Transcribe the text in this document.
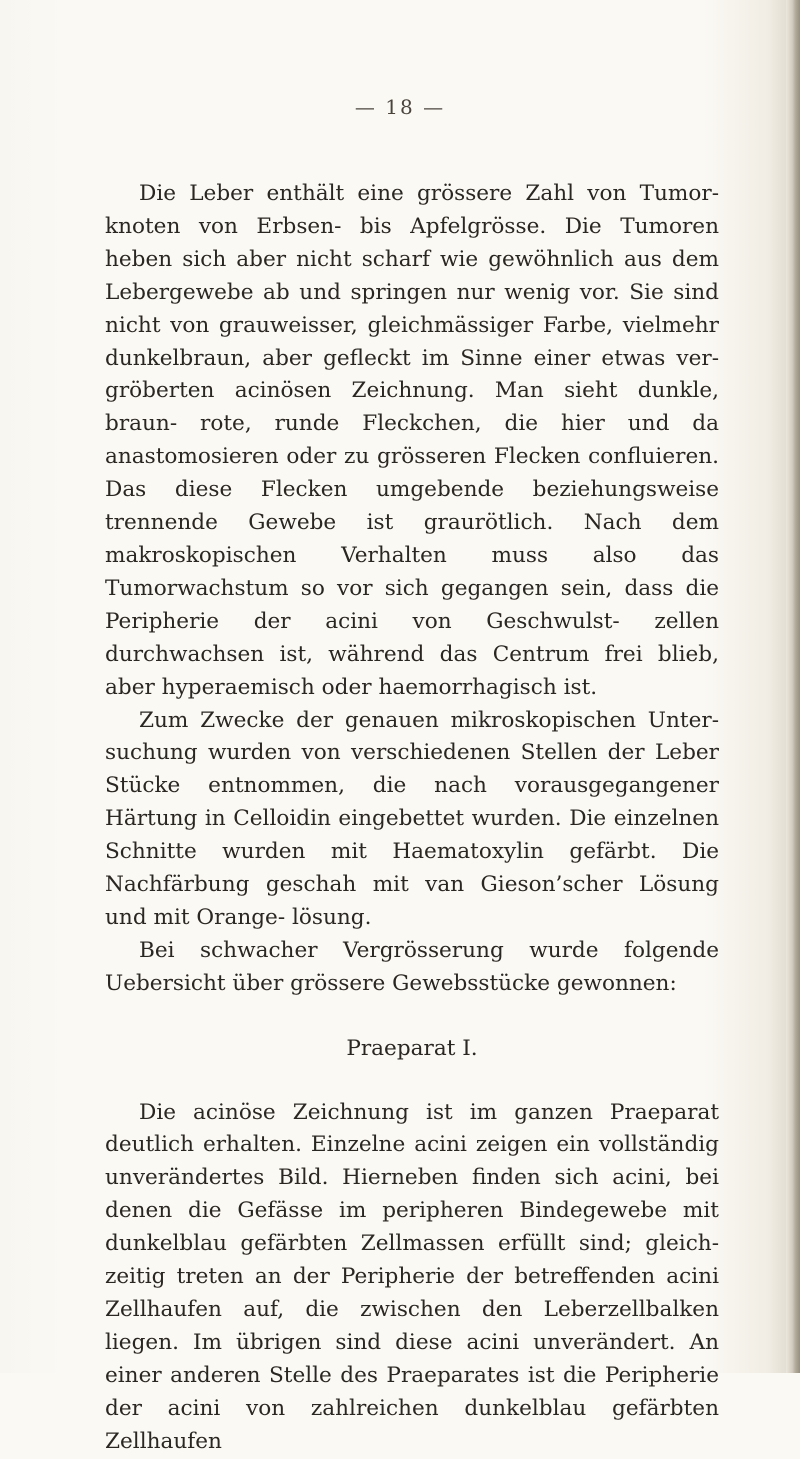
— 18 —

Die Leber enthält eine grössere Zahl von Tumor- knoten von Erbsen- bis Apfelgrösse. Die Tumoren heben sich aber nicht scharf wie gewöhnlich aus dem Lebergewebe ab und springen nur wenig vor. Sie sind nicht von grauweisser, gleichmässiger Farbe, vielmehr dunkelbraun, aber gefleckt im Sinne einer etwas ver- gröberten acinösen Zeichnung. Man sieht dunkle, braun- rote, runde Fleckchen, die hier und da anastomosieren oder zu grösseren Flecken confluieren. Das diese Flecken umgebende beziehungsweise trennende Gewebe ist graurötlich. Nach dem makroskopischen Verhalten muss also das Tumorwachstum so vor sich gegangen sein, dass die Peripherie der acini von Geschwulst- zellen durchwachsen ist, während das Centrum frei blieb, aber hyperaemisch oder haemorrhagisch ist.

Zum Zwecke der genauen mikroskopischen Unter- suchung wurden von verschiedenen Stellen der Leber Stücke entnommen, die nach vorausgegangener Härtung in Celloidin eingebettet wurden. Die einzelnen Schnitte wurden mit Haematoxylin gefärbt. Die Nachfärbung geschah mit van Gieson’scher Lösung und mit Orange- lösung.

Bei schwacher Vergrösserung wurde folgende Uebersicht über grössere Gewebsstücke gewonnen:

Praeparat I.

Die acinöse Zeichnung ist im ganzen Praeparat deutlich erhalten. Einzelne acini zeigen ein vollständig unverändertes Bild. Hierneben finden sich acini, bei denen die Gefässe im peripheren Bindegewebe mit dunkelblau gefärbten Zellmassen erfüllt sind; gleich- zeitig treten an der Peripherie der betreffenden acini Zellhaufen auf, die zwischen den Leberzellbalken liegen. Im übrigen sind diese acini unverändert. An einer anderen Stelle des Praeparates ist die Peripherie der acini von zahlreichen dunkelblau gefärbten Zellhaufen
